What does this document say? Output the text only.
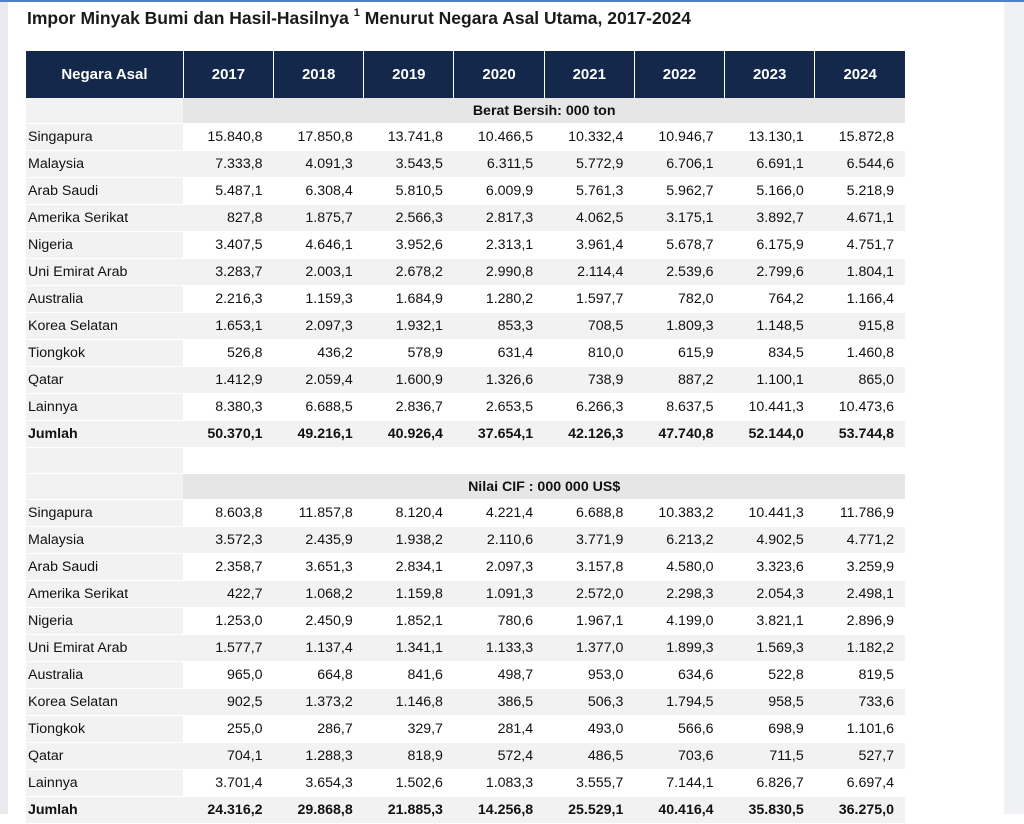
Impor Minyak Bumi dan Hasil-Hasilnya $^1$ Menurut Negara Asal Utama, 2017-2024
Negara Asal	2017	2018	2019	2020	2021	2022	2023	2024
	Berat Bersih: 000 ton							
Singapura	15.840,8	17.850,8	13.741,8	10.466,5	10.332,4	10.946,7	13.130,1	15.872,8
Malaysia	7.333,8	4.091,3	3.543,5	6.311,5	5.772,9	6.706,1	6.691,1	6.544,6
Arab Saudi	5.487,1	6.308,4	5.810,5	6.009,9	5.761,3	5.962,7	5.166,0	5.218,9
Amerika Serikat	827,8	1.875,7	2.566,3	2.817,3	4.062,5	3.175,1	3.892,7	4.671,1
Nigeria	3.407,5	4.646,1	3.952,6	2.313,1	3.961,4	5.678,7	6.175,9	4.751,7
Uni Emirat Arab	3.283,7	2.003,1	2.678,2	2.990,8	2.114,4	2.539,6	2.799,6	1.804,1
Australia	2.216,3	1.159,3	1.684,9	1.280,2	1.597,7	782,0	764,2	1.166,4
Korea Selatan	1.653,1	2.097,3	1.932,1	853,3	708,5	1.809,3	1.148,5	915,8
Tiongkok	526,8	436,2	578,9	631,4	810,0	615,9	834,5	1.460,8
Qatar	1.412,9	2.059,4	1.600,9	1.326,6	738,9	887,2	1.100,1	865,0
Lainnya	8.380,3	6.688,5	2.836,7	2.653,5	6.266,3	8.637,5	10.441,3	10.473,6
Jumlah	50.370,1	49.216,1	40.926,4	37.654,1	42.126,3	47.740,8	52.144,0	53.744,8

	Nilai CIF : 000 000 US$							
Singapura	8.603,8	11.857,8	8.120,4	4.221,4	6.688,8	10.383,2	10.441,3	11.786,9
Malaysia	3.572,3	2.435,9	1.938,2	2.110,6	3.771,9	6.213,2	4.902,5	4.771,2
Arab Saudi	2.358,7	3.651,3	2.834,1	2.097,3	3.157,8	4.580,0	3.323,6	3.259,9
Amerika Serikat	422,7	1.068,2	1.159,8	1.091,3	2.572,0	2.298,3	2.054,3	2.498,1
Nigeria	1.253,0	2.450,9	1.852,1	780,6	1.967,1	4.199,0	3.821,1	2.896,9
Uni Emirat Arab	1.577,7	1.137,4	1.341,1	1.133,3	1.377,0	1.899,3	1.569,3	1.182,2
Australia	965,0	664,8	841,6	498,7	953,0	634,6	522,8	819,5
Korea Selatan	902,5	1.373,2	1.146,8	386,5	506,3	1.794,5	958,5	733,6
Tiongkok	255,0	286,7	329,7	281,4	493,0	566,6	698,9	1.101,6
Qatar	704,1	1.288,3	818,9	572,4	486,5	703,6	711,5	527,7
Lainnya	3.701,4	3.654,3	1.502,6	1.083,3	3.555,7	7.144,1	6.826,7	6.697,4
Jumlah	24.316,2	29.868,8	21.885,3	14.256,8	25.529,1	40.416,4	35.830,5	36.275,0
